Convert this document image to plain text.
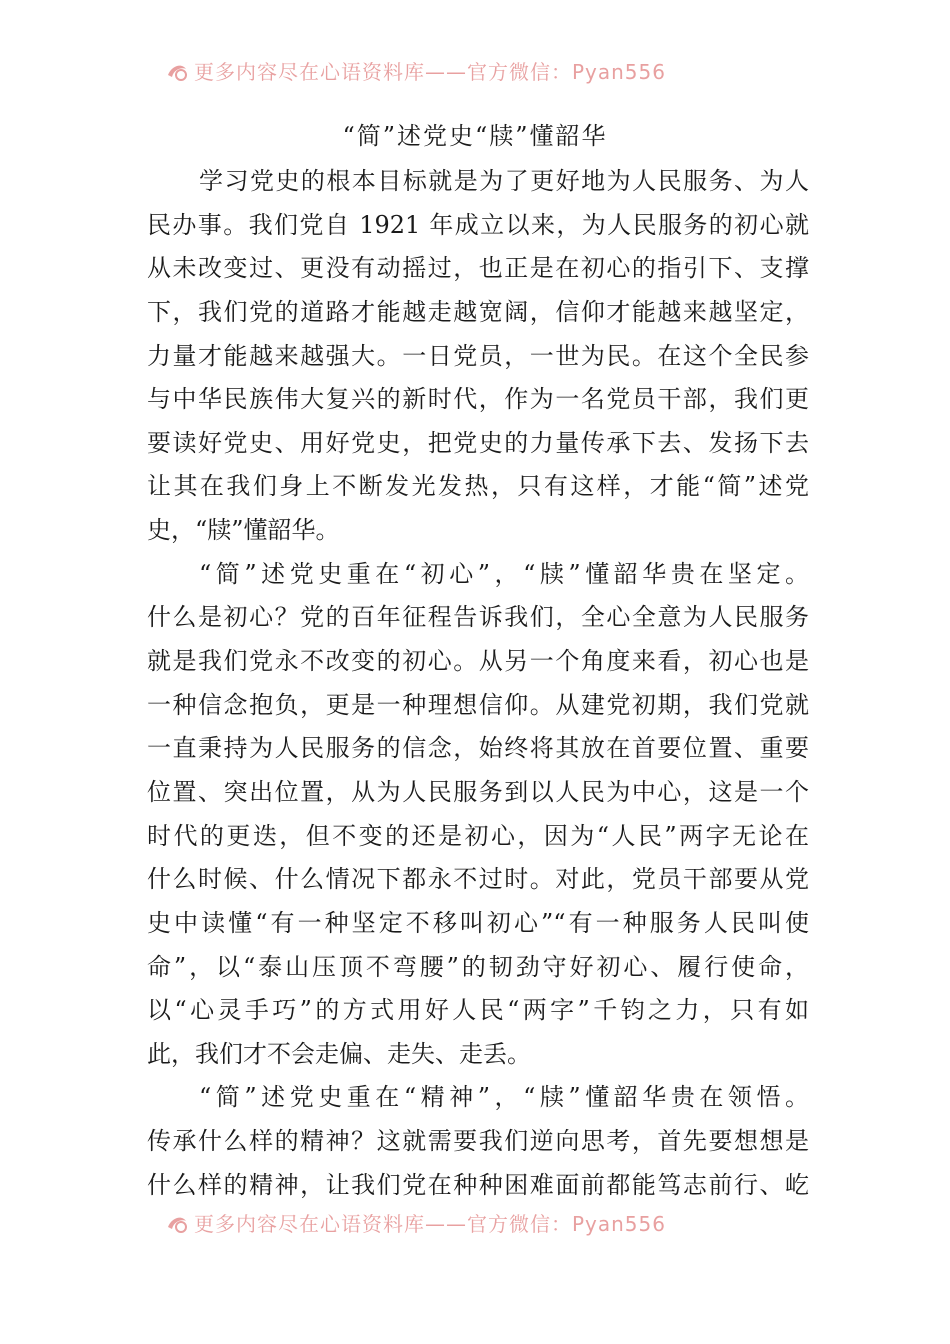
更多内容尽在心语资料库——官方微信：Pyan556
“简”述党史“牍”懂韶华
学习党史的根本目标就是为了更好地为人民服务、为人
民办事。我们党自 1921 年成立以来，为人民服务的初心就
从未改变过、更没有动摇过，也正是在初心的指引下、支撑
下，我们党的道路才能越走越宽阔，信仰才能越来越坚定，
力量才能越来越强大。一日党员，一世为民。在这个全民参
与中华民族伟大复兴的新时代，作为一名党员干部，我们更
要读好党史、用好党史，把党史的力量传承下去、发扬下去
让其在我们身上不断发光发热，只有这样，才能“简”述党
史，“牍”懂韶华。
“简”述党史重在“初心”，“牍”懂韶华贵在坚定。
什么是初心？党的百年征程告诉我们，全心全意为人民服务
就是我们党永不改变的初心。从另一个角度来看，初心也是
一种信念抱负，更是一种理想信仰。从建党初期，我们党就
一直秉持为人民服务的信念，始终将其放在首要位置、重要
位置、突出位置，从为人民服务到以人民为中心，这是一个
时代的更迭，但不变的还是初心，因为“人民”两字无论在
什么时候、什么情况下都永不过时。对此，党员干部要从党
史中读懂“有一种坚定不移叫初心”“有一种服务人民叫使
命”，以“泰山压顶不弯腰”的韧劲守好初心、履行使命，
以“心灵手巧”的方式用好人民“两字”千钧之力，只有如
此，我们才不会走偏、走失、走丢。
“简”述党史重在“精神”，“牍”懂韶华贵在领悟。
传承什么样的精神？这就需要我们逆向思考，首先要想想是
什么样的精神，让我们党在种种困难面前都能笃志前行、屹
更多内容尽在心语资料库——官方微信：Pyan556
